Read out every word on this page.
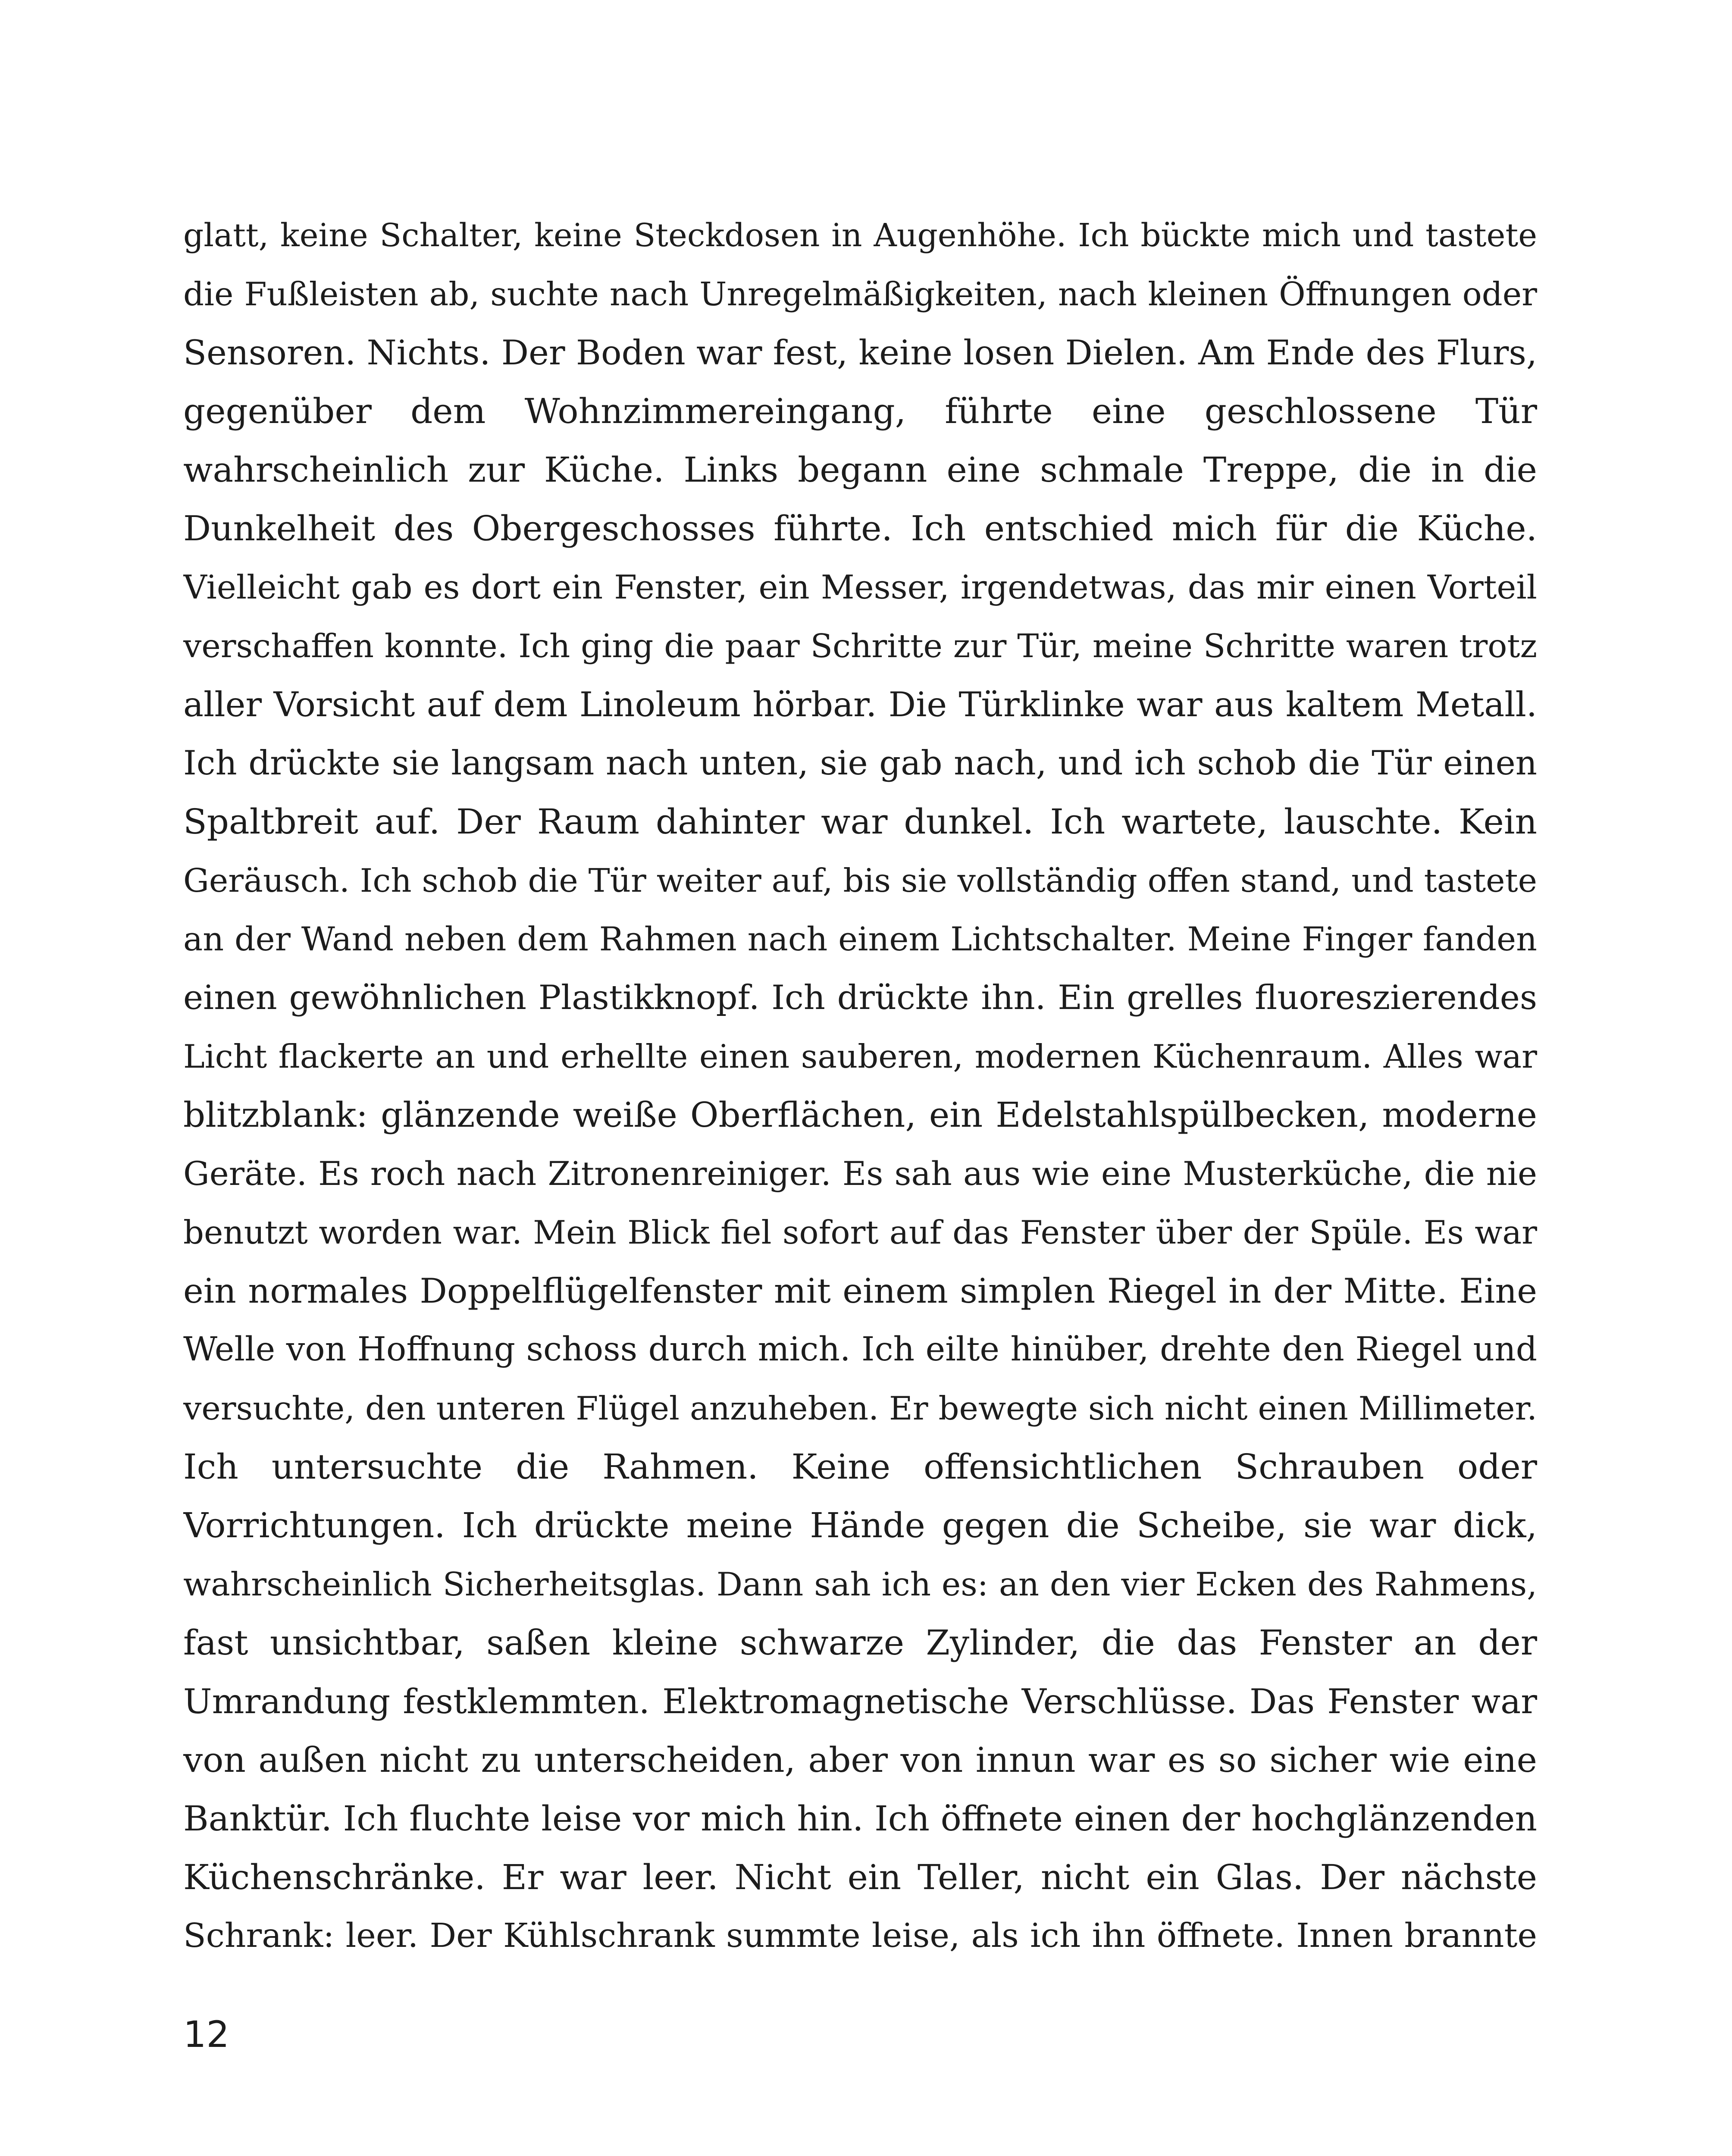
glatt, keine Schalter, keine Steckdosen in Augenhöhe. Ich bückte mich und tastete
die Fußleisten ab, suchte nach Unregelmäßigkeiten, nach kleinen Öffnungen oder
Sensoren. Nichts. Der Boden war fest, keine losen Dielen. Am Ende des Flurs,
gegenüber dem Wohnzimmereingang, führte eine geschlossene Tür
wahrscheinlich zur Küche. Links begann eine schmale Treppe, die in die
Dunkelheit des Obergeschosses führte. Ich entschied mich für die Küche.
Vielleicht gab es dort ein Fenster, ein Messer, irgendetwas, das mir einen Vorteil
verschaffen konnte. Ich ging die paar Schritte zur Tür, meine Schritte waren trotz
aller Vorsicht auf dem Linoleum hörbar. Die Türklinke war aus kaltem Metall.
Ich drückte sie langsam nach unten, sie gab nach, und ich schob die Tür einen
Spaltbreit auf. Der Raum dahinter war dunkel. Ich wartete, lauschte. Kein
Geräusch. Ich schob die Tür weiter auf, bis sie vollständig offen stand, und tastete
an der Wand neben dem Rahmen nach einem Lichtschalter. Meine Finger fanden
einen gewöhnlichen Plastikknopf. Ich drückte ihn. Ein grelles fluoreszierendes
Licht flackerte an und erhellte einen sauberen, modernen Küchenraum. Alles war
blitzblank: glänzende weiße Oberflächen, ein Edelstahlspülbecken, moderne
Geräte. Es roch nach Zitronenreiniger. Es sah aus wie eine Musterküche, die nie
benutzt worden war. Mein Blick fiel sofort auf das Fenster über der Spüle. Es war
ein normales Doppelflügelfenster mit einem simplen Riegel in der Mitte. Eine
Welle von Hoffnung schoss durch mich. Ich eilte hinüber, drehte den Riegel und
versuchte, den unteren Flügel anzuheben. Er bewegte sich nicht einen Millimeter.
Ich untersuchte die Rahmen. Keine offensichtlichen Schrauben oder
Vorrichtungen. Ich drückte meine Hände gegen die Scheibe, sie war dick,
wahrscheinlich Sicherheitsglas. Dann sah ich es: an den vier Ecken des Rahmens,
fast unsichtbar, saßen kleine schwarze Zylinder, die das Fenster an der
Umrandung festklemmten. Elektromagnetische Verschlüsse. Das Fenster war
von außen nicht zu unterscheiden, aber von innun war es so sicher wie eine
Banktür. Ich fluchte leise vor mich hin. Ich öffnete einen der hochglänzenden
Küchenschränke. Er war leer. Nicht ein Teller, nicht ein Glas. Der nächste
Schrank: leer. Der Kühlschrank summte leise, als ich ihn öffnete. Innen brannte
12
